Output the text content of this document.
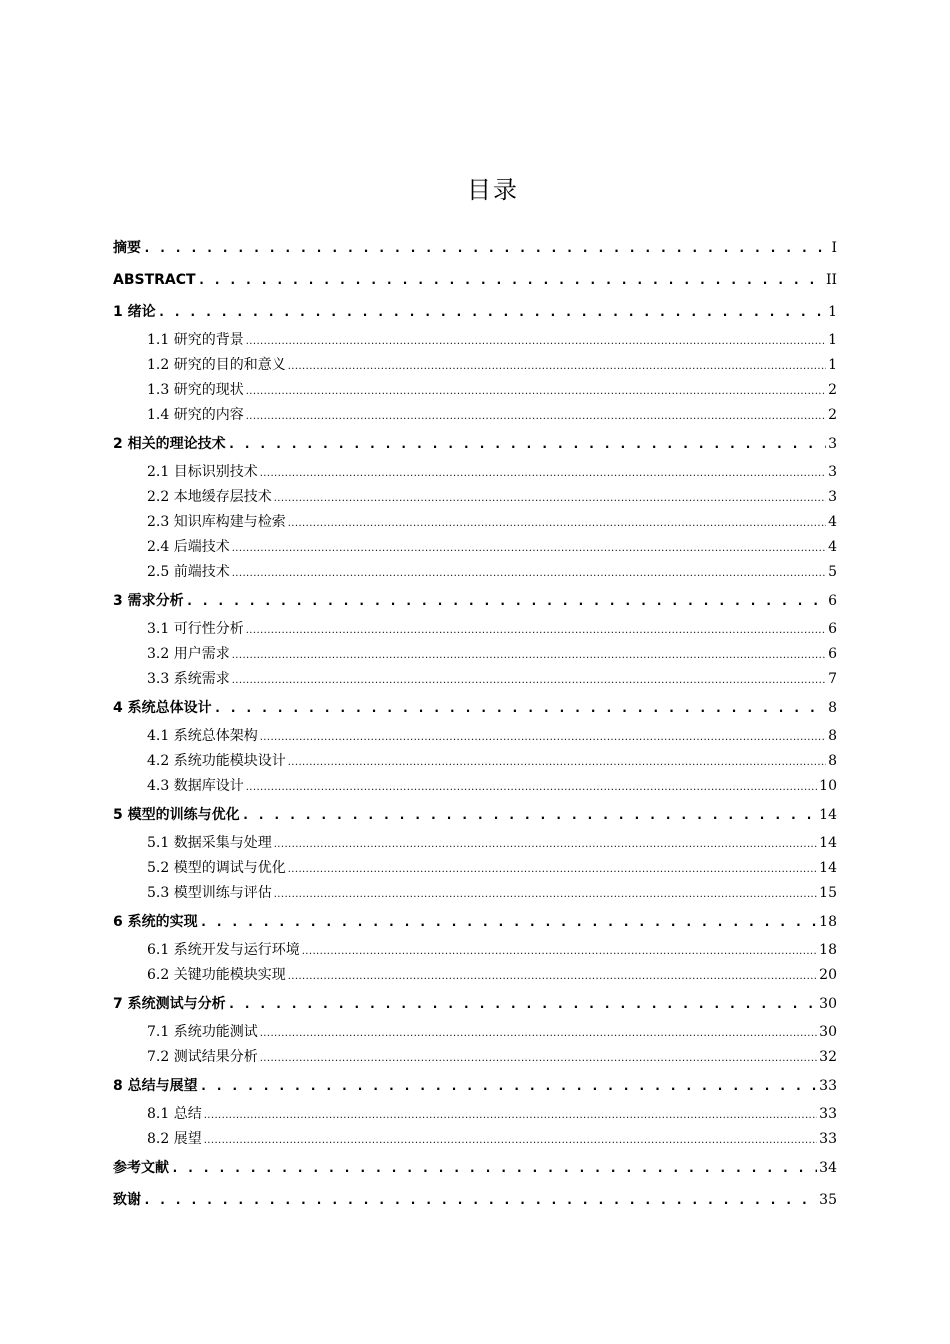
目录
摘要 . . .	I
ABSTRACT . . .	II
1 绪论 . . .	1
1.1 研究的背景 .....	1
1.2 研究的目的和意义 .....	1
1.3 研究的现状 .....	2
1.4 研究的内容 .....	2
2 相关的理论技术 . . .	3
2.1 目标识别技术 .....	3
2.2 本地缓存层技术 .....	3
2.3 知识库构建与检索 .....	4
2.4 后端技术 .....	4
2.5 前端技术 .....	5
3 需求分析 . . .	6
3.1 可行性分析 .....	6
3.2 用户需求 .....	6
3.3 系统需求 .....	7
4 系统总体设计 . . .	8
4.1 系统总体架构 .....	8
4.2 系统功能模块设计 .....	8
4.3 数据库设计 .....	10
5 模型的训练与优化 . . .	14
5.1 数据采集与处理 .....	14
5.2 模型的调试与优化 .....	14
5.3 模型训练与评估 .....	15
6 系统的实现 . . .	18
6.1 系统开发与运行环境 .....	18
6.2 关键功能模块实现 .....	20
7 系统测试与分析 . . .	30
7.1 系统功能测试 .....	30
7.2 测试结果分析 .....	32
8 总结与展望 . . .	33
8.1 总结 .....	33
8.2 展望 .....	33
参考文献 . . .	34
致谢 . . .	35
